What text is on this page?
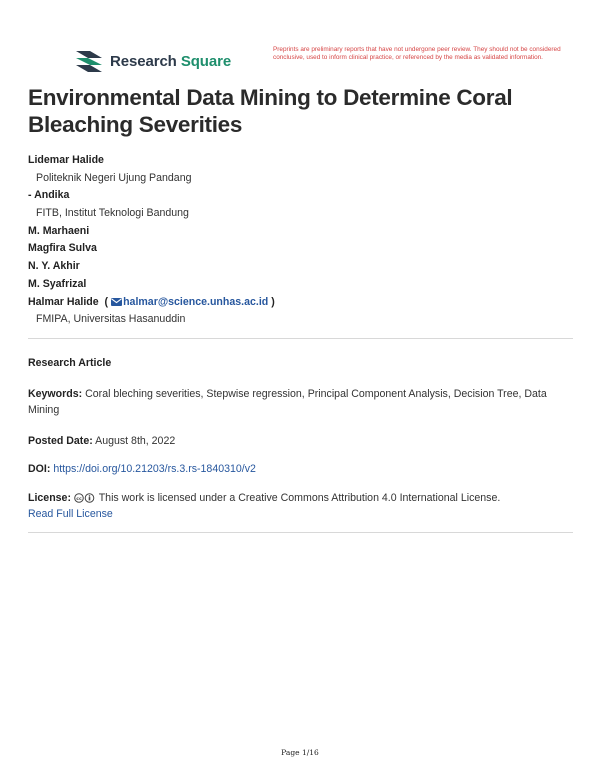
Research Square
Preprints are preliminary reports that have not undergone peer review. They should not be considered conclusive, used to inform clinical practice, or referenced by the media as validated information.
Environmental Data Mining to Determine Coral Bleaching Severities
Lidemar Halide
Politeknik Negeri Ujung Pandang
- Andika
FITB, Institut Teknologi Bandung
M. Marhaeni
Magfira Sulva
N. Y. Akhir
M. Syafrizal
Halmar Halide  ( halmar@science.unhas.ac.id )
FMIPA, Universitas Hasanuddin
Research Article
Keywords: Coral bleching severities, Stepwise regression, Principal Component Analysis, Decision Tree, Data Mining
Posted Date: August 8th, 2022
DOI: https://doi.org/10.21203/rs.3.rs-1840310/v2
License: cc This work is licensed under a Creative Commons Attribution 4.0 International License.
Read Full License
Page 1/16
